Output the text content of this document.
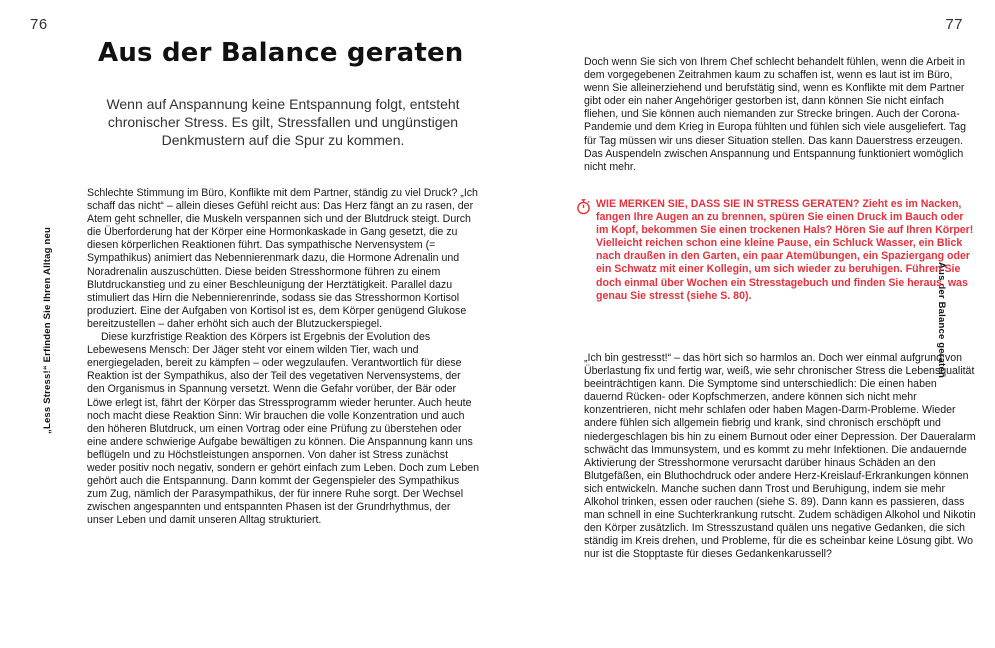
76	77
„Less Stress!“ Erfinden Sie Ihren Alltag neu	Aus der Balance geraten
Aus der Balance geraten

Wenn auf Anspannung keine Entspannung folgt, entsteht chronischer Stress. Es gilt, Stressfallen und ungünstigen Denkmustern auf die Spur zu kommen.

Schlechte Stimmung im Büro, Konflikte mit dem Partner, ständig zu viel Druck? „Ich schaff das nicht“ – allein dieses Gefühl reicht aus: Das Herz fängt an zu rasen, der Atem geht schneller, die Muskeln verspannen sich und der Blutdruck steigt. Durch die Überforderung hat der Körper eine Hormonkaskade in Gang gesetzt, die zu diesen körperlichen Reaktionen führt. Das sympathische Nervensystem (= Sympathikus) animiert das Nebennierenmark dazu, die Hormone Adrenalin und Noradrenalin auszuschütten. Diese beiden Stresshormone führen zu einem Blutdruckanstieg und zu einer Beschleunigung der Herztätigkeit. Parallel dazu stimuliert das Hirn die Nebennierenrinde, sodass sie das Stresshormon Kortisol produziert. Eine der Aufgaben von Kortisol ist es, dem Körper genügend Glukose bereitzustellen – daher erhöht sich auch der Blutzuckerspiegel.

Diese kurzfristige Reaktion des Körpers ist Ergebnis der Evolution des Lebewesens Mensch: Der Jäger steht vor einem wilden Tier, wach und energiegeladen, bereit zu kämpfen – oder wegzulaufen. Verantwortlich für diese Reaktion ist der Sympathikus, also der Teil des vegetativen Nervensystems, der den Organismus in Spannung versetzt. Wenn die Gefahr vorüber, der Bär oder Löwe erlegt ist, fährt der Körper das Stressprogramm wieder herunter. Auch heute noch macht diese Reaktion Sinn: Wir brauchen die volle Konzentration und auch den höheren Blutdruck, um einen Vortrag oder eine Prüfung zu überstehen oder eine andere schwierige Aufgabe bewältigen zu können. Die Anspannung kann uns beflügeln und zu Höchstleistungen anspornen. Von daher ist Stress zunächst weder positiv noch negativ, sondern er gehört einfach zum Leben. Doch zum Leben gehört auch die Entspannung. Dann kommt der Gegenspieler des Sympathikus zum Zug, nämlich der Parasympathikus, der für innere Ruhe sorgt. Der Wechsel zwischen angespannten und entspannten Phasen ist der Grundrhythmus, der unser Leben und damit unseren Alltag strukturiert.

Doch wenn Sie sich von Ihrem Chef schlecht behandelt fühlen, wenn die Arbeit in dem vorgegebenen Zeitrahmen kaum zu schaffen ist, wenn es laut ist im Büro, wenn Sie alleinerziehend und berufstätig sind, wenn es Konflikte mit dem Partner gibt oder ein naher Angehöriger gestorben ist, dann können Sie nicht einfach fliehen, und Sie können auch niemanden zur Strecke bringen. Auch der Corona-Pandemie und dem Krieg in Europa fühlten und fühlen sich viele ausgeliefert. Tag für Tag müssen wir uns dieser Situation stellen. Das kann Dauerstress erzeugen. Das Auspendeln zwischen Anspannung und Entspannung funktioniert womöglich nicht mehr.

WIE MERKEN SIE, DASS SIE IN STRESS GERATEN? Zieht es im Nacken, fangen Ihre Augen an zu brennen, spüren Sie einen Druck im Bauch oder im Kopf, bekommen Sie einen trockenen Hals? Hören Sie auf Ihren Körper! Vielleicht reichen schon eine kleine Pause, ein Schluck Wasser, ein Blick nach draußen in den Garten, ein paar Atemübungen, ein Spaziergang oder ein Schwatz mit einer Kollegin, um sich wieder zu beruhigen. Führen Sie doch einmal über Wochen ein Stresstagebuch und finden Sie heraus, was genau Sie stresst (siehe S. 80).

„Ich bin gestresst!“ – das hört sich so harmlos an. Doch wer einmal aufgrund von Überlastung fix und fertig war, weiß, wie sehr chronischer Stress die Lebensqualität beeinträchtigen kann. Die Symptome sind unterschiedlich: Die einen haben dauernd Rücken- oder Kopfschmerzen, andere können sich nicht mehr konzentrieren, nicht mehr schlafen oder haben Magen-Darm-Probleme. Wieder andere fühlen sich allgemein fiebrig und krank, sind chronisch erschöpft und niedergeschlagen bis hin zu einem Burnout oder einer Depression. Der Daueralarm schwächt das Immunsystem, und es kommt zu mehr Infektionen. Die andauernde Aktivierung der Stresshormone verursacht darüber hinaus Schäden an den Blutgefäßen, ein Bluthochdruck oder andere Herz-Kreislauf-Erkrankungen können sich entwickeln. Manche suchen dann Trost und Beruhigung, indem sie mehr Alkohol trinken, essen oder rauchen (siehe S. 89). Dann kann es passieren, dass man schnell in eine Suchterkrankung rutscht. Zudem schädigen Alkohol und Nikotin den Körper zusätzlich. Im Stresszustand quälen uns negative Gedanken, die sich ständig im Kreis drehen, und Probleme, für die es scheinbar keine Lösung gibt. Wo nur ist die Stopptaste für dieses Gedankenkarussell?
